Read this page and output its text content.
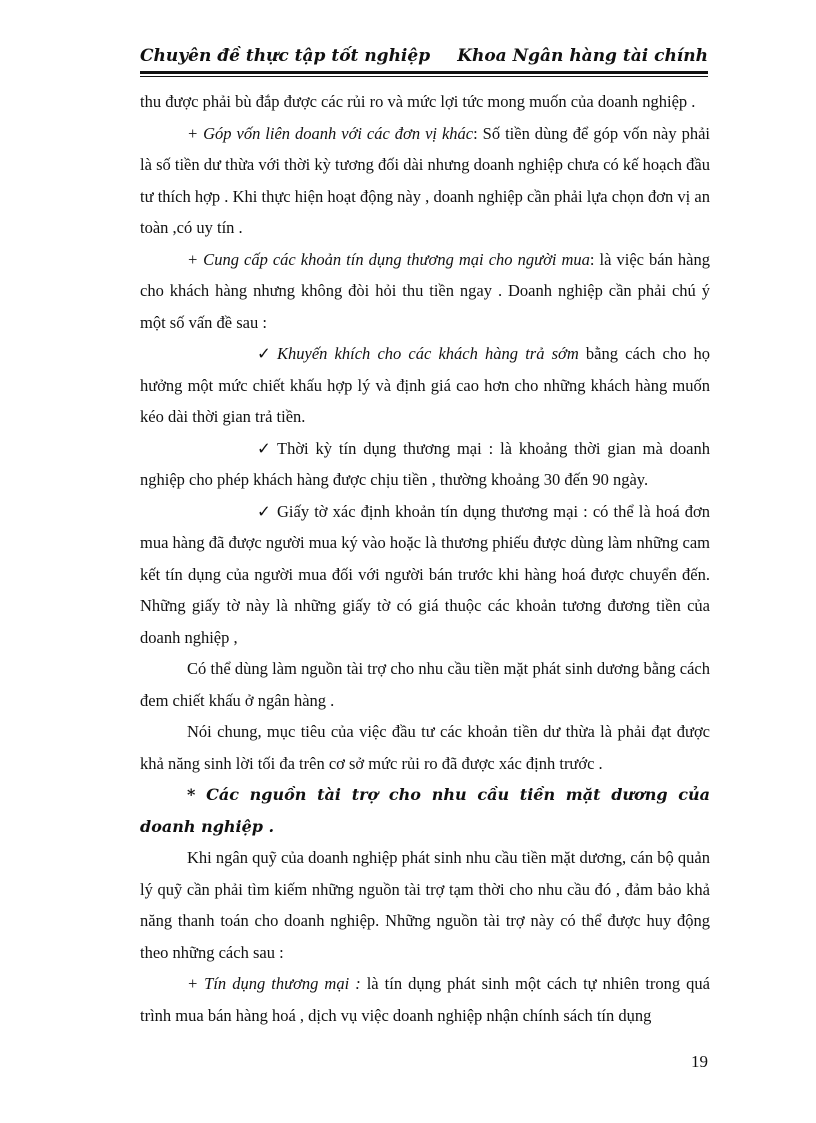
Chuyên đề thực tập tốt nghiệp Khoa Ngân hàng tài chính

thu được phải bù đắp được các rủi ro và mức lợi tức mong muốn của doanh nghiệp .

+ Góp vốn liên doanh với các đơn vị khác: Số tiền dùng để góp vốn này phải là số tiền dư thừa với thời kỳ tương đối dài nhưng doanh nghiệp chưa có kế hoạch đầu tư thích hợp . Khi thực hiện hoạt động này , doanh nghiệp cần phải lựa chọn đơn vị an toàn ,có uy tín .

+ Cung cấp các khoản tín dụng thương mại cho người mua: là việc bán hàng cho khách hàng nhưng không đòi hỏi thu tiền ngay . Doanh nghiệp cần phải chú ý một số vấn đề sau :

✓ Khuyến khích cho các khách hàng trả sớm bằng cách cho họ hưởng một mức chiết khấu hợp lý và định giá cao hơn cho những khách hàng muốn kéo dài thời gian trả tiền.

✓ Thời kỳ tín dụng thương mại : là khoảng thời gian mà doanh nghiệp cho phép khách hàng được chịu tiền , thường khoảng 30 đến 90 ngày.

✓ Giấy tờ xác định khoản tín dụng thương mại : có thể là hoá đơn mua hàng đã được người mua ký vào hoặc là thương phiếu được dùng làm những cam kết tín dụng của người mua đối với người bán trước khi hàng hoá được chuyển đến. Những giấy tờ này là những giấy tờ có giá thuộc các khoản tương đương tiền của doanh nghiệp ,

Có thể dùng làm nguồn tài trợ cho nhu cầu tiền mặt phát sinh dương bằng cách đem chiết khấu ở ngân hàng .

Nói chung, mục tiêu của việc đầu tư các khoản tiền dư thừa là phải đạt được khả năng sinh lời tối đa trên cơ sở mức rủi ro đã được xác định trước .

* Các nguồn tài trợ cho nhu cầu tiền mặt dương của doanh nghiệp .

Khi ngân quỹ của doanh nghiệp phát sinh nhu cầu tiền mặt dương, cán bộ quản lý quỹ cần phải tìm kiếm những nguồn tài trợ tạm thời cho nhu cầu đó , đảm bảo khả năng thanh toán cho doanh nghiệp. Những nguồn tài trợ này có thể được huy động theo những cách sau :

+ Tín dụng thương mại : là tín dụng phát sinh một cách tự nhiên trong quá trình mua bán hàng hoá , dịch vụ việc doanh nghiệp nhận chính sách tín dụng

19
